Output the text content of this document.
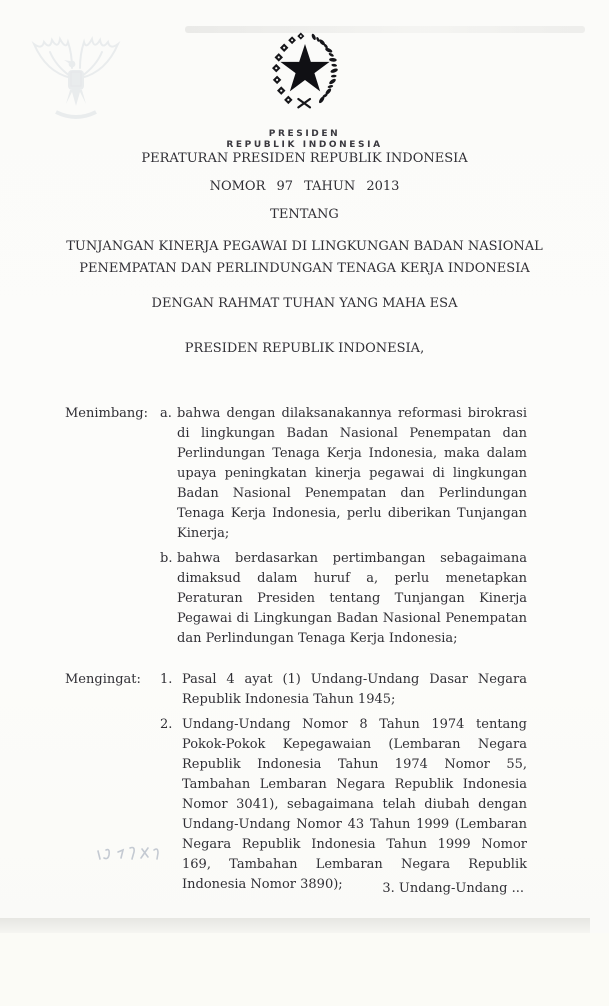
PRESIDEN
REPUBLIK INDONESIA

PERATURAN PRESIDEN REPUBLIK INDONESIA

NOMOR 97 TAHUN 2013

TENTANG

TUNJANGAN KINERJA PEGAWAI DI LINGKUNGAN BADAN NASIONAL PENEMPATAN DAN PERLINDUNGAN TENAGA KERJA INDONESIA

DENGAN RAHMAT TUHAN YANG MAHA ESA
PRESIDEN REPUBLIK INDONESIA,
Menimbang: a. bahwa dengan dilaksanakannya reformasi birokrasi di lingkungan Badan Nasional Penempatan dan Perlindungan Tenaga Kerja Indonesia, maka dalam upaya peningkatan kinerja pegawai di lingkungan Badan Nasional Penempatan dan Perlindungan Tenaga Kerja Indonesia, perlu diberikan Tunjangan Kinerja;
b. bahwa berdasarkan pertimbangan sebagaimana dimaksud dalam huruf a, perlu menetapkan Peraturan Presiden tentang Tunjangan Kinerja Pegawai di Lingkungan Badan Nasional Penempatan dan Perlindungan Tenaga Kerja Indonesia;
Mengingat:	1. Pasal 4 ayat (1) Undang-Undang Dasar Negara Republik Indonesia Tahun 1945;
2. Undang-Undang Nomor 8 Tahun 1974 tentang Pokok-Pokok Kepegawaian (Lembaran Negara Republik Indonesia Tahun 1974 Nomor 55, Tambahan Lembaran Negara Republik Indonesia Nomor 3041), sebagaimana telah diubah dengan Undang-Undang Nomor 43 Tahun 1999 (Lembaran Negara Republik Indonesia Tahun 1999 Nomor 169, Tambahan Lembaran Negara Republik Indonesia Nomor 3890);	3. Undang-Undang ...
